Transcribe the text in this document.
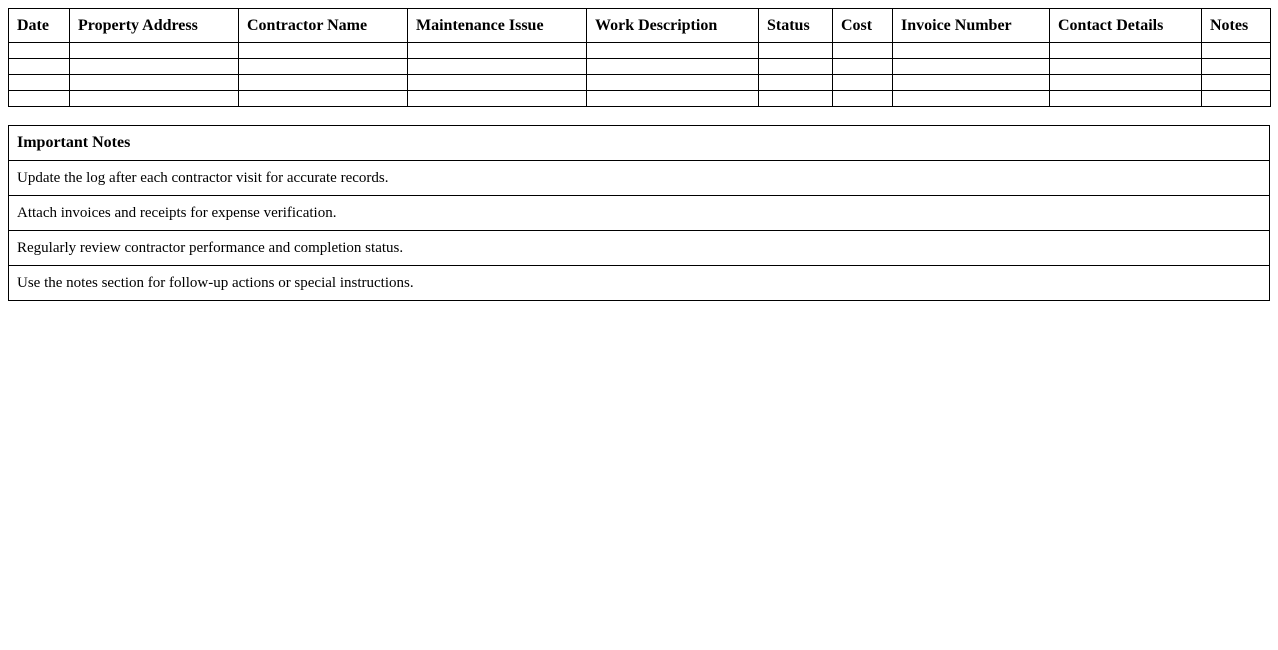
Date	Property Address	Contractor Name	Maintenance Issue	Work Description	Status	Cost	Invoice Number	Contact Details	Notes

Important Notes
Update the log after each contractor visit for accurate records.
Attach invoices and receipts for expense verification.
Regularly review contractor performance and completion status.
Use the notes section for follow-up actions or special instructions.
